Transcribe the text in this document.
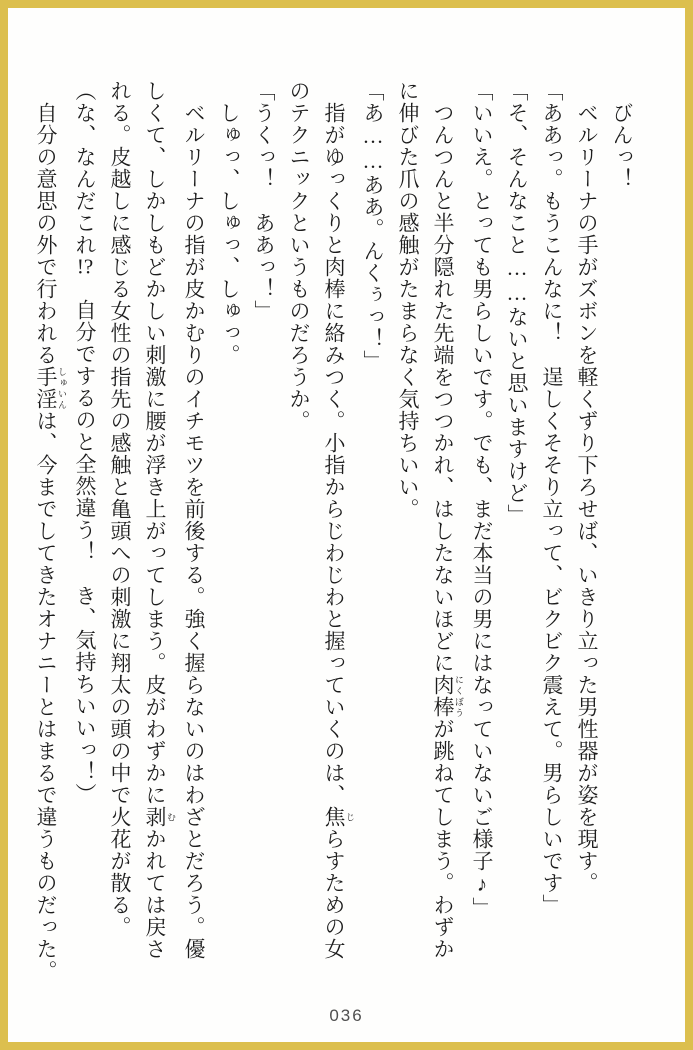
　びんっ！
　ベルリーナの手がズボンを軽くずり下ろせば、いきり立った男性器が姿を現す。
「ああっ。もうこんなに！　逞しくそそり立って、ビクビク震えて。男らしいです」
「そ、そんなこと……ないと思いますけど」
「いいえ。とっても男らしいです。でも、まだ本当の男にはなっていないご様子♪」
　つんつんと半分隠れた先端をつつかれ、はしたないほどに肉棒 にくぼうが跳ねてしまう。わずか
に伸びた爪の感触がたまらなく気持ちいい。
「あ……ああ。んくぅっ！」
　指がゆっくりと肉棒に絡みつく。小指からじわじわと握っていくのは、焦 じらすための女
のテクニックというものだろうか。
「うくっ！　ああっ！」
　しゅっ、しゅっ、しゅっ。
　ベルリーナの指が皮かむりのイチモツを前後する。強く握らないのはわざとだろう。優
しくて、しかしもどかしい刺激に腰が浮き上がってしまう。皮がわずかに剥 むかれては戻さ
れる。皮越しに感じる女性の指先の感触と亀頭への刺激に翔太の頭の中で火花が散る。
（な、なんだこれ!?　自分でするのと全然違う！　き、気持ちいいっ！）
　自分の意思の外で行われる手淫 しゅいんは、今までしてきたオナニーとはまるで違うものだった。
036
